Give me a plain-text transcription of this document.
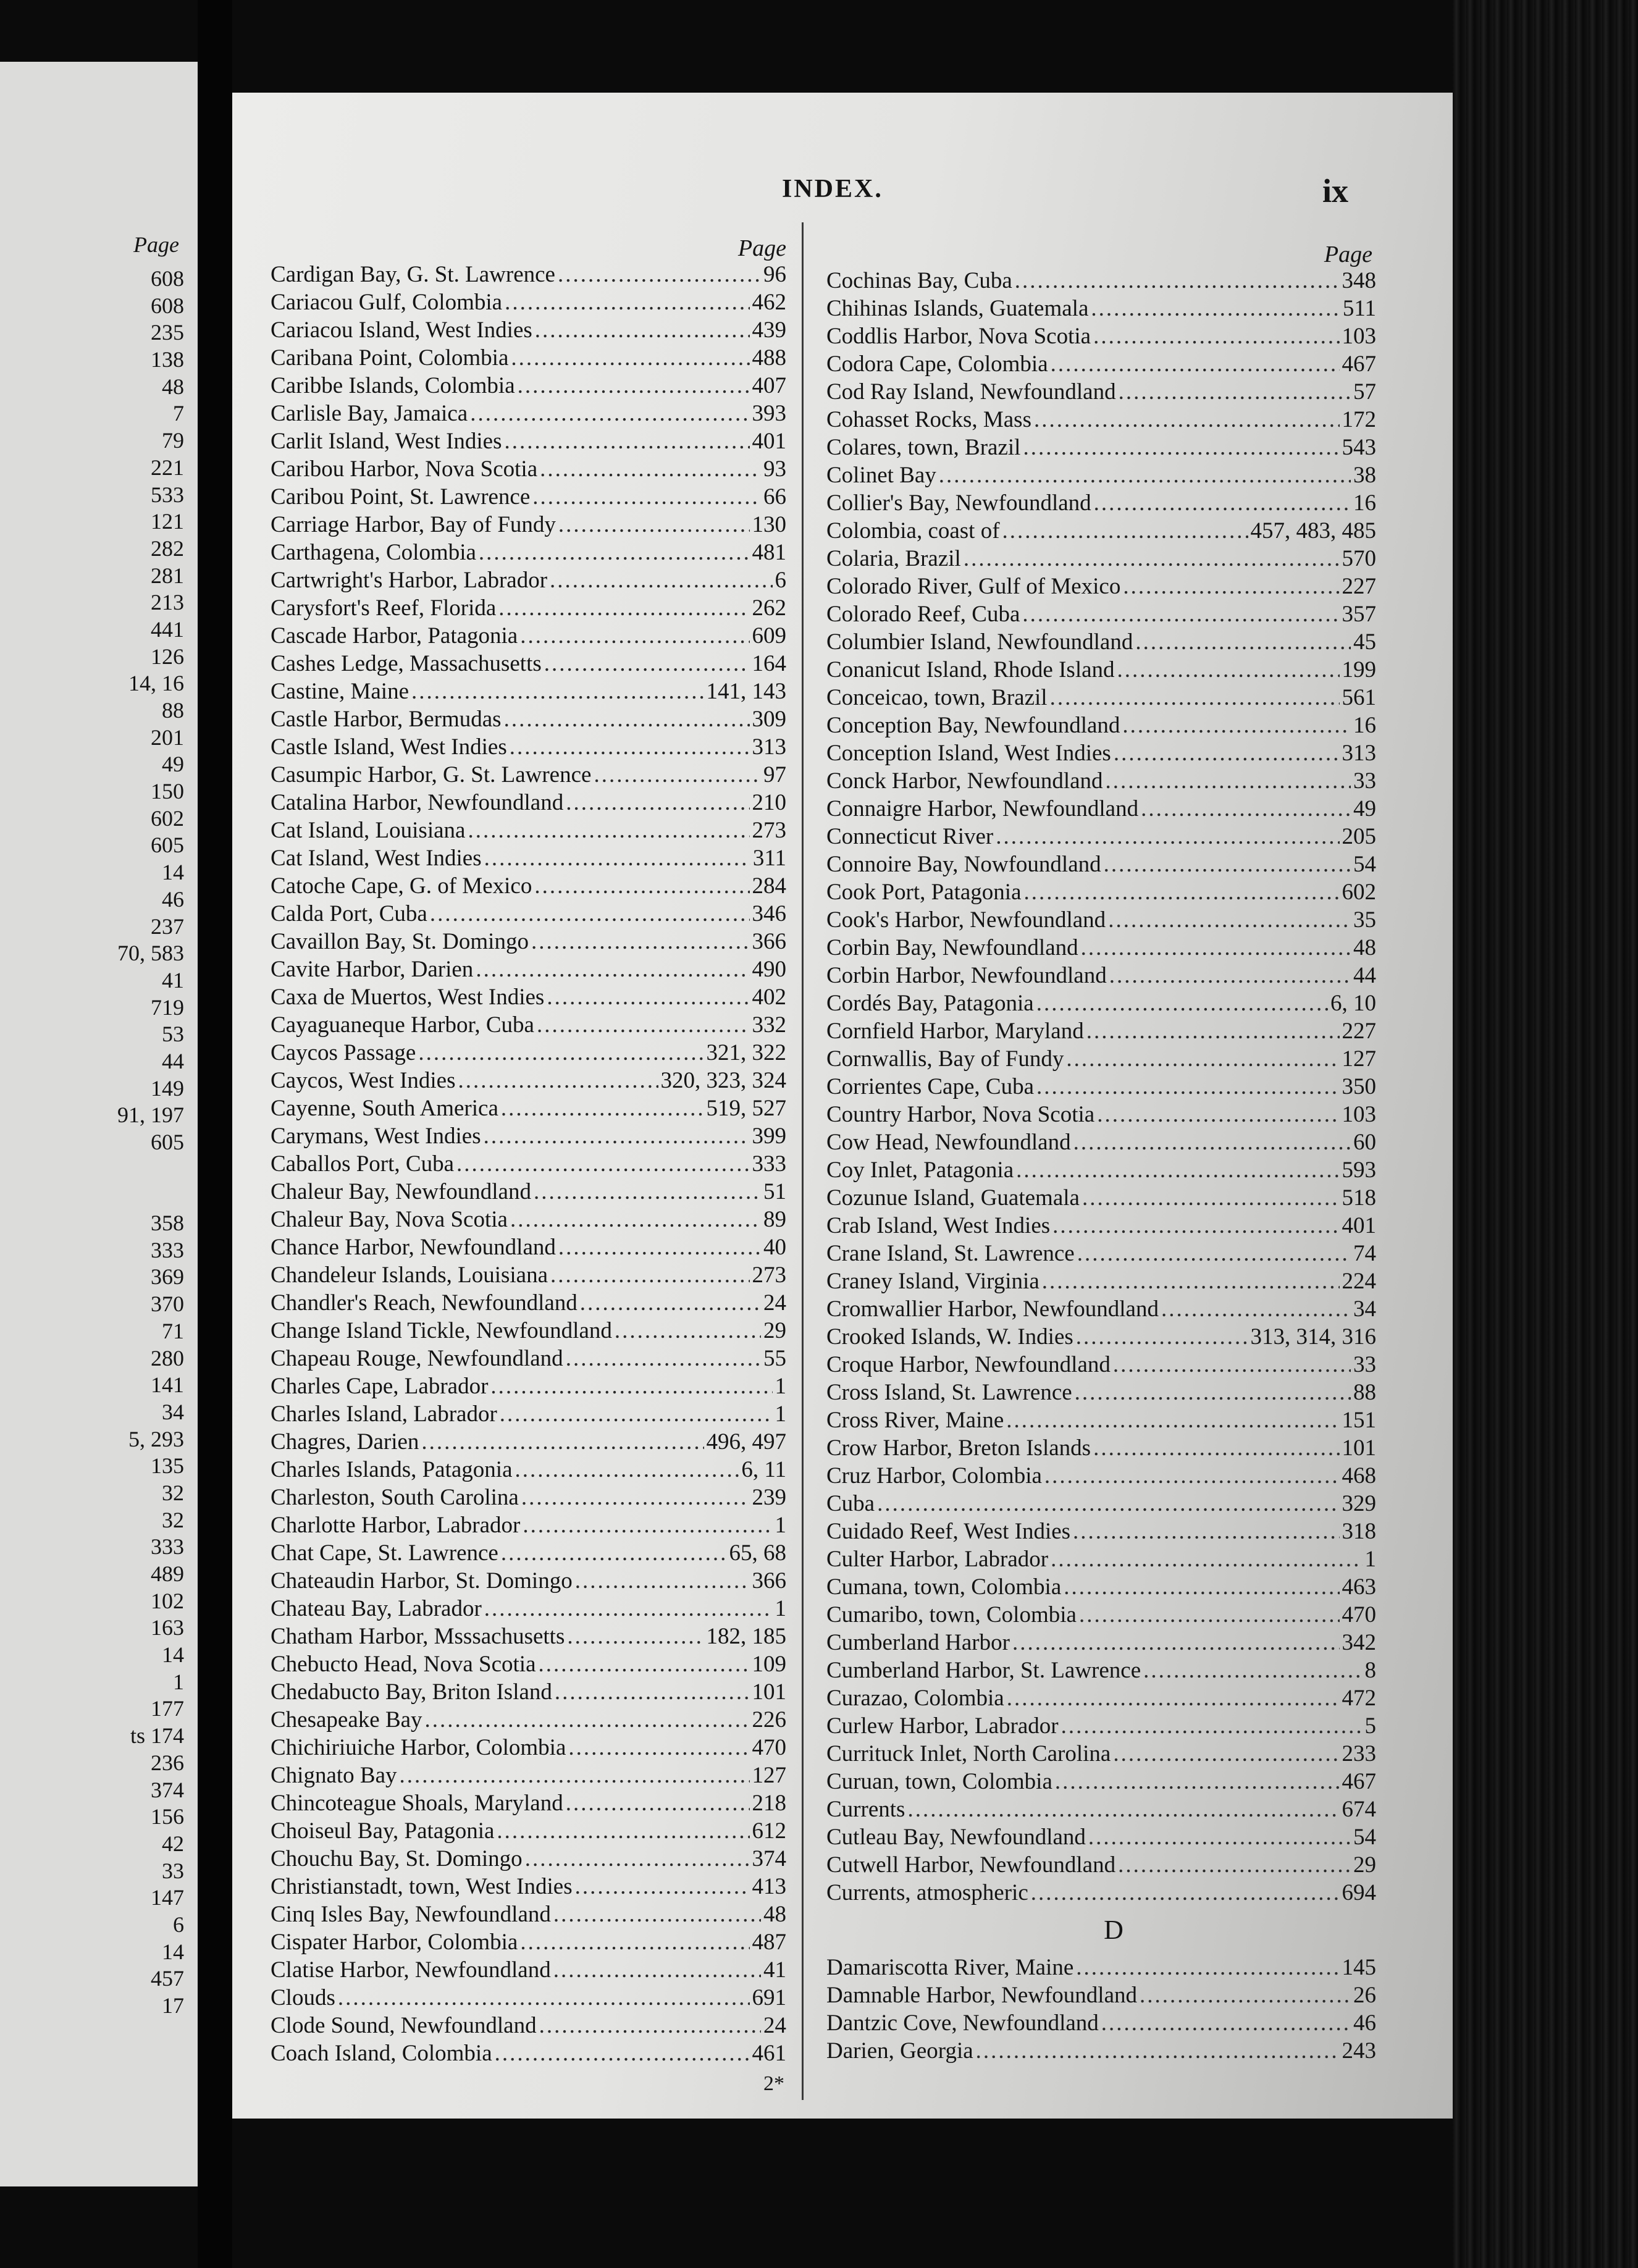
Page
608
608
235
138
48
7
79
221
533
121
282
281
213
441
126
14, 16
88
201
49
150
602
605
14
46
237
70, 583
41
719
53
44
149
91, 197
605
358
333
369
370
71
280
141
34
5, 293
135
32
32
333
489
102
163
14
1
177
ts 174
236
374
156
42
33
147
6
14
457
17
INDEX.	ix
Page
Cardigan Bay, G. St. Lawrence .....	96
Cariacou Gulf, Colombia .....	462
Cariacou Island, West Indies .....	439
Caribana Point, Colombia .....	488
Caribbe Islands, Colombia .....	407
Carlisle Bay, Jamaica .....	393
Carlit Island, West Indies .....	401
Caribou Harbor, Nova Scotia .....	93
Caribou Point, St. Lawrence .....	66
Carriage Harbor, Bay of Fundy .....	130
Carthagena, Colombia .....	481
Cartwright's Harbor, Labrador .....	6
Carysfort's Reef, Florida .....	262
Cascade Harbor, Patagonia .....	609
Cashes Ledge, Massachusetts .....	164
Castine, Maine .....	141, 143
Castle Harbor, Bermudas .....	309
Castle Island, West Indies .....	313
Casumpic Harbor, G. St. Lawrence .....	97
Catalina Harbor, Newfoundland .....	210
Cat Island, Louisiana .....	273
Cat Island, West Indies .....	311
Catoche Cape, G. of Mexico .....	284
Calda Port, Cuba .....	346
Cavaillon Bay, St. Domingo .....	366
Cavite Harbor, Darien .....	490
Caxa de Muertos, West Indies .....	402
Cayaguaneque Harbor, Cuba .....	332
Caycos Passage .....	321, 322
Caycos, West Indies .....	320, 323, 324
Cayenne, South America .....	519, 527
Carymans, West Indies .....	399
Caballos Port, Cuba .....	333
Chaleur Bay, Newfoundland .....	51
Chaleur Bay, Nova Scotia .....	89
Chance Harbor, Newfoundland .....	40
Chandeleur Islands, Louisiana .....	273
Chandler's Reach, Newfoundland .....	24
Change Island Tickle, Newfoundland .....	29
Chapeau Rouge, Newfoundland .....	55
Charles Cape, Labrador .....	1
Charles Island, Labrador .....	1
Chagres, Darien .....	496, 497
Charles Islands, Patagonia .....	6, 11
Charleston, South Carolina .....	239
Charlotte Harbor, Labrador .....	1
Chat Cape, St. Lawrence .....	65, 68
Chateaudin Harbor, St. Domingo .....	366
Chateau Bay, Labrador .....	1
Chatham Harbor, Msssachusetts .....	182, 185
Chebucto Head, Nova Scotia .....	109
Chedabucto Bay, Briton Island .....	101
Chesapeake Bay .....	226
Chichiriuiche Harbor, Colombia .....	470
Chignato Bay .....	127
Chincoteague Shoals, Maryland .....	218
Choiseul Bay, Patagonia .....	612
Chouchu Bay, St. Domingo .....	374
Christianstadt, town, West Indies .....	413
Cinq Isles Bay, Newfoundland .....	48
Cispater Harbor, Colombia .....	487
Clatise Harbor, Newfoundland .....	41
Clouds .....	691
Clode Sound, Newfoundland .....	24
Coach Island, Colombia .....	461
Page
Cochinas Bay, Cuba .....	348
Chihinas Islands, Guatemala .....	511
Coddlis Harbor, Nova Scotia .....	103
Codora Cape, Colombia .....	467
Cod Ray Island, Newfoundland .....	57
Cohasset Rocks, Mass .....	172
Colares, town, Brazil .....	543
Colinet Bay .....	38
Collier's Bay, Newfoundland .....	16
Colombia, coast of .....	457, 483, 485
Colaria, Brazil .....	570
Colorado River, Gulf of Mexico .....	227
Colorado Reef, Cuba .....	357
Columbier Island, Newfoundland .....	45
Conanicut Island, Rhode Island .....	199
Conceicao, town, Brazil .....	561
Conception Bay, Newfoundland .....	16
Conception Island, West Indies .....	313
Conck Harbor, Newfoundland .....	33
Connaigre Harbor, Newfoundland .....	49
Connecticut River .....	205
Connoire Bay, Nowfoundland .....	54
Cook Port, Patagonia .....	602
Cook's Harbor, Newfoundland .....	35
Corbin Bay, Newfoundland .....	48
Corbin Harbor, Newfoundland .....	44
Cordés Bay, Patagonia .....	6, 10
Cornfield Harbor, Maryland .....	227
Cornwallis, Bay of Fundy .....	127
Corrientes Cape, Cuba .....	350
Country Harbor, Nova Scotia .....	103
Cow Head, Newfoundland .....	60
Coy Inlet, Patagonia .....	593
Cozunue Island, Guatemala .....	518
Crab Island, West Indies .....	401
Crane Island, St. Lawrence .....	74
Craney Island, Virginia .....	224
Cromwallier Harbor, Newfoundland .....	34
Crooked Islands, W. Indies .....	313, 314, 316
Croque Harbor, Newfoundland .....	33
Cross Island, St. Lawrence .....	88
Cross River, Maine .....	151
Crow Harbor, Breton Islands .....	101
Cruz Harbor, Colombia .....	468
Cuba .....	329
Cuidado Reef, West Indies .....	318
Culter Harbor, Labrador .....	1
Cumana, town, Colombia .....	463
Cumaribo, town, Colombia .....	470
Cumberland Harbor .....	342
Cumberland Harbor, St. Lawrence .....	8
Curazao, Colombia .....	472
Curlew Harbor, Labrador .....	5
Currituck Inlet, North Carolina .....	233
Curuan, town, Colombia .....	467
Currents .....	674
Cutleau Bay, Newfoundland .....	54
Cutwell Harbor, Newfoundland .....	29
Currents, atmospheric .....	694
D
Damariscotta River, Maine .....	145
Damnable Harbor, Newfoundland .....	26
Dantzic Cove, Newfoundland .....	46
Darien, Georgia .....	243
2*
